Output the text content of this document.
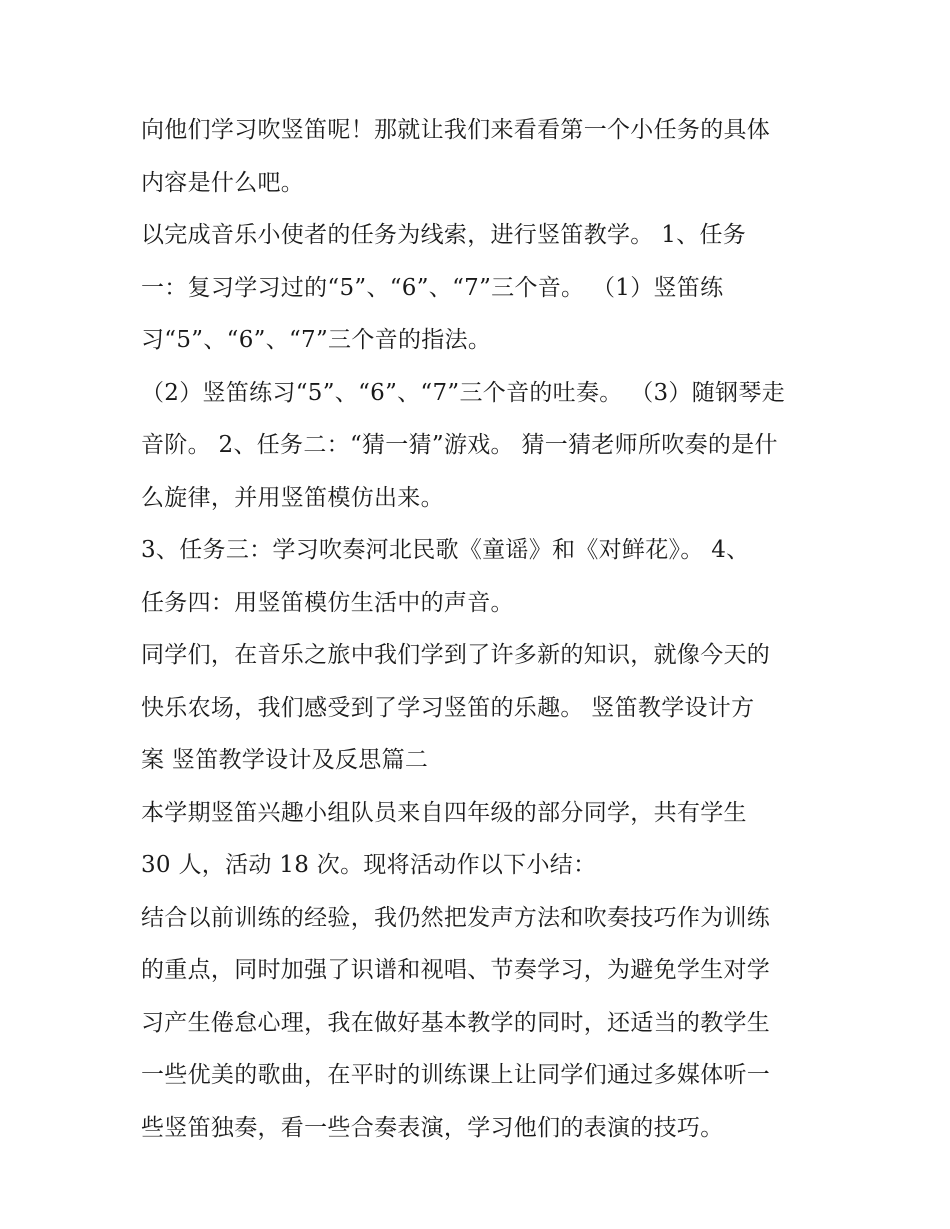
向他们学习吹竖笛呢！那就让我们来看看第一个小任务的具体
内容是什么吧。
以完成音乐小使者的任务为线索，进行竖笛教学。 1、任务
一：复习学习过的“5”、“6”、“7”三个音。 （1）竖笛练
习“5”、“6”、“7”三个音的指法。
（2）竖笛练习“5”、“6”、“7”三个音的吐奏。 （3）随钢琴走
音阶。 2、任务二：“猜一猜”游戏。 猜一猜老师所吹奏的是什
么旋律，并用竖笛模仿出来。
3、任务三：学习吹奏河北民歌《童谣》和《对鲜花》。 4、
任务四：用竖笛模仿生活中的声音。
同学们，在音乐之旅中我们学到了许多新的知识，就像今天的
快乐农场，我们感受到了学习竖笛的乐趣。 竖笛教学设计方
案 竖笛教学设计及反思篇二
本学期竖笛兴趣小组队员来自四年级的部分同学，共有学生
30 人，活动 18 次。现将活动作以下小结：
结合以前训练的经验，我仍然把发声方法和吹奏技巧作为训练
的重点，同时加强了识谱和视唱、节奏学习，为避免学生对学
习产生倦怠心理，我在做好基本教学的同时，还适当的教学生
一些优美的歌曲，在平时的训练课上让同学们通过多媒体听一
些竖笛独奏，看一些合奏表演，学习他们的表演的技巧。
